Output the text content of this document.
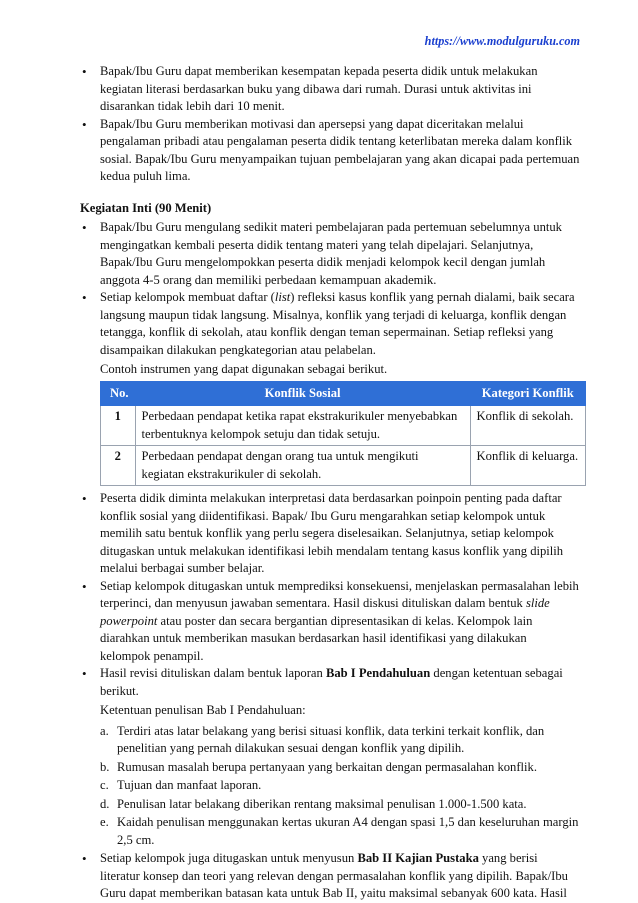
https://www.modulguruku.com
• Bapak/Ibu Guru dapat memberikan kesempatan kepada peserta didik untuk melakukan kegiatan literasi berdasarkan buku yang dibawa dari rumah. Durasi untuk aktivitas ini disarankan tidak lebih dari 10 menit.
• Bapak/Ibu Guru memberikan motivasi dan apersepsi yang dapat diceritakan melalui pengalaman pribadi atau pengalaman peserta didik tentang keterlibatan mereka dalam konflik sosial. Bapak/Ibu Guru menyampaikan tujuan pembelajaran yang akan dicapai pada pertemuan kedua puluh lima.
Kegiatan Inti (90 Menit)
• Bapak/Ibu Guru mengulang sedikit materi pembelajaran pada pertemuan sebelumnya untuk mengingatkan kembali peserta didik tentang materi yang telah dipelajari. Selanjutnya, Bapak/Ibu Guru mengelompokkan peserta didik menjadi kelompok kecil dengan jumlah anggota 4-5 orang dan memiliki perbedaan kemampuan akademik.
• Setiap kelompok membuat daftar (list) refleksi kasus konflik yang pernah dialami, baik secara langsung maupun tidak langsung. Misalnya, konflik yang terjadi di keluarga, konflik dengan tetangga, konflik di sekolah, atau konflik dengan teman sepermainan. Setiap refleksi yang disampaikan dilakukan pengkategorian atau pelabelan.
Contoh instrumen yang dapat digunakan sebagai berikut.
No.	Konflik Sosial	Kategori Konflik
1	Perbedaan pendapat ketika rapat ekstrakurikuler menyebabkan terbentuknya kelompok setuju dan tidak setuju.	Konflik di sekolah.
2	Perbedaan pendapat dengan orang tua untuk mengikuti kegiatan ekstrakurikuler di sekolah.	Konflik di keluarga.
• Peserta didik diminta melakukan interpretasi data berdasarkan poinpoin penting pada daftar konflik sosial yang diidentifikasi. Bapak/ Ibu Guru mengarahkan setiap kelompok untuk memilih satu bentuk konflik yang perlu segera diselesaikan. Selanjutnya, setiap kelompok ditugaskan untuk melakukan identifikasi lebih mendalam tentang kasus konflik yang dipilih melalui berbagai sumber belajar.
• Setiap kelompok ditugaskan untuk memprediksi konsekuensi, menjelaskan permasalahan lebih terperinci, dan menyusun jawaban sementara. Hasil diskusi dituliskan dalam bentuk slide powerpoint atau poster dan secara bergantian dipresentasikan di kelas. Kelompok lain diarahkan untuk memberikan masukan berdasarkan hasil identifikasi yang dilakukan kelompok penampil.
• Hasil revisi dituliskan dalam bentuk laporan Bab I Pendahuluan dengan ketentuan sebagai berikut.
Ketentuan penulisan Bab I Pendahuluan:
a. Terdiri atas latar belakang yang berisi situasi konflik, data terkini terkait konflik, dan penelitian yang pernah dilakukan sesuai dengan konflik yang dipilih.
b. Rumusan masalah berupa pertanyaan yang berkaitan dengan permasalahan konflik.
c. Tujuan dan manfaat laporan.
d. Penulisan latar belakang diberikan rentang maksimal penulisan 1.000-1.500 kata.
e. Kaidah penulisan menggunakan kertas ukuran A4 dengan spasi 1,5 dan keseluruhan margin 2,5 cm.
• Setiap kelompok juga ditugaskan untuk menyusun Bab II Kajian Pustaka yang berisi literatur konsep dan teori yang relevan dengan permasalahan konflik yang dipilih. Bapak/Ibu Guru dapat memberikan batasan kata untuk Bab II, yaitu maksimal sebanyak 600 kata. Hasil
